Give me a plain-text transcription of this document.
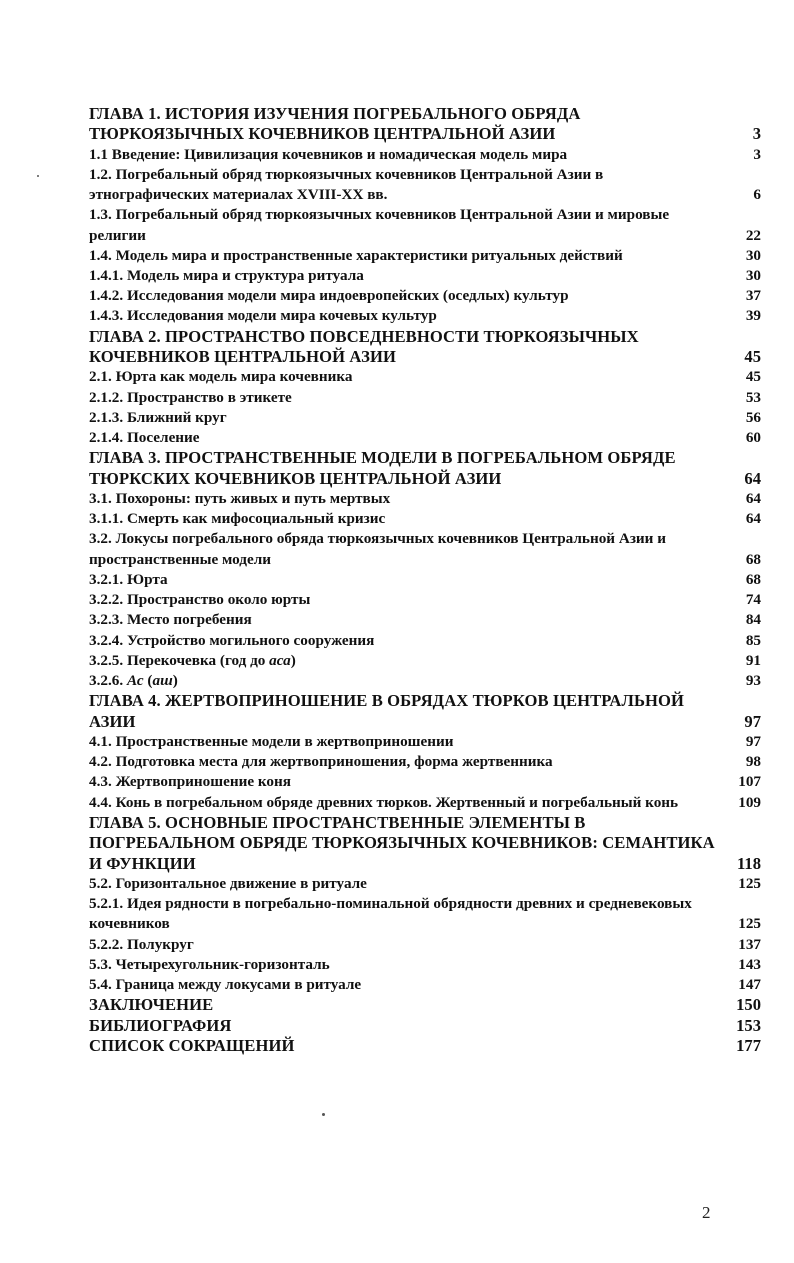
ГЛАВА 1. ИСТОРИЯ ИЗУЧЕНИЯ ПОГРЕБАЛЬНОГО ОБРЯДА ТЮРКОЯЗЫЧНЫХ КОЧЕВНИКОВ ЦЕНТРАЛЬНОЙ АЗИИ	3
1.1 Введение: Цивилизация кочевников и номадическая модель мира	3
1.2. Погребальный обряд тюркоязычных кочевников Центральной Азии в этнографических материалах XVIII-XX вв.	6
1.3. Погребальный обряд тюркоязычных кочевников Центральной Азии и мировые религии	22
1.4. Модель мира и пространственные характеристики ритуальных действий	30
1.4.1. Модель мира и структура ритуала	30
1.4.2. Исследования модели мира индоевропейских (оседлых) культур	37
1.4.3. Исследования модели мира кочевых культур	39
ГЛАВА 2. ПРОСТРАНСТВО ПОВСЕДНЕВНОСТИ ТЮРКОЯЗЫЧНЫХ КОЧЕВНИКОВ ЦЕНТРАЛЬНОЙ АЗИИ	45
2.1. Юрта как модель мира кочевника	45
2.1.2. Пространство в этикете	53
2.1.3. Ближний круг	56
2.1.4. Поселение	60
ГЛАВА 3. ПРОСТРАНСТВЕННЫЕ МОДЕЛИ В ПОГРЕБАЛЬНОМ ОБРЯДЕ ТЮРКСКИХ КОЧЕВНИКОВ ЦЕНТРАЛЬНОЙ АЗИИ	64
3.1. Похороны: путь живых и путь мертвых	64
3.1.1. Смерть как мифосоциальный кризис	64
3.2. Локусы погребального обряда тюркоязычных кочевников Центральной Азии и пространственные модели	68
3.2.1. Юрта	68
3.2.2. Пространство около юрты	74
3.2.3. Место погребения	84
3.2.4. Устройство могильного сооружения	85
3.2.5. Перекочевка (год до аса)	91
3.2.6. Ас (аш)	93
ГЛАВА 4. ЖЕРТВОПРИНОШЕНИЕ В ОБРЯДАХ ТЮРКОВ ЦЕНТРАЛЬНОЙ АЗИИ	97
4.1. Пространственные модели в жертвоприношении	97
4.2. Подготовка места для жертвоприношения, форма жертвенника	98
4.3. Жертвоприношение коня	107
4.4. Конь в погребальном обряде древних тюрков. Жертвенный и погребальный конь	109
ГЛАВА 5. ОСНОВНЫЕ ПРОСТРАНСТВЕННЫЕ ЭЛЕМЕНТЫ В ПОГРЕБАЛЬНОМ ОБРЯДЕ ТЮРКОЯЗЫЧНЫХ КОЧЕВНИКОВ: СЕМАНТИКА И ФУНКЦИИ	118
5.2. Горизонтальное движение в ритуале	125
5.2.1. Идея рядности в погребально-поминальной обрядности древних и средневековых кочевников	125
5.2.2. Полукруг	137
5.3. Четырехугольник-горизонталь	143
5.4. Граница между локусами в ритуале	147
ЗАКЛЮЧЕНИЕ	150
БИБЛИОГРАФИЯ	153
СПИСОК СОКРАЩЕНИЙ	177
2
